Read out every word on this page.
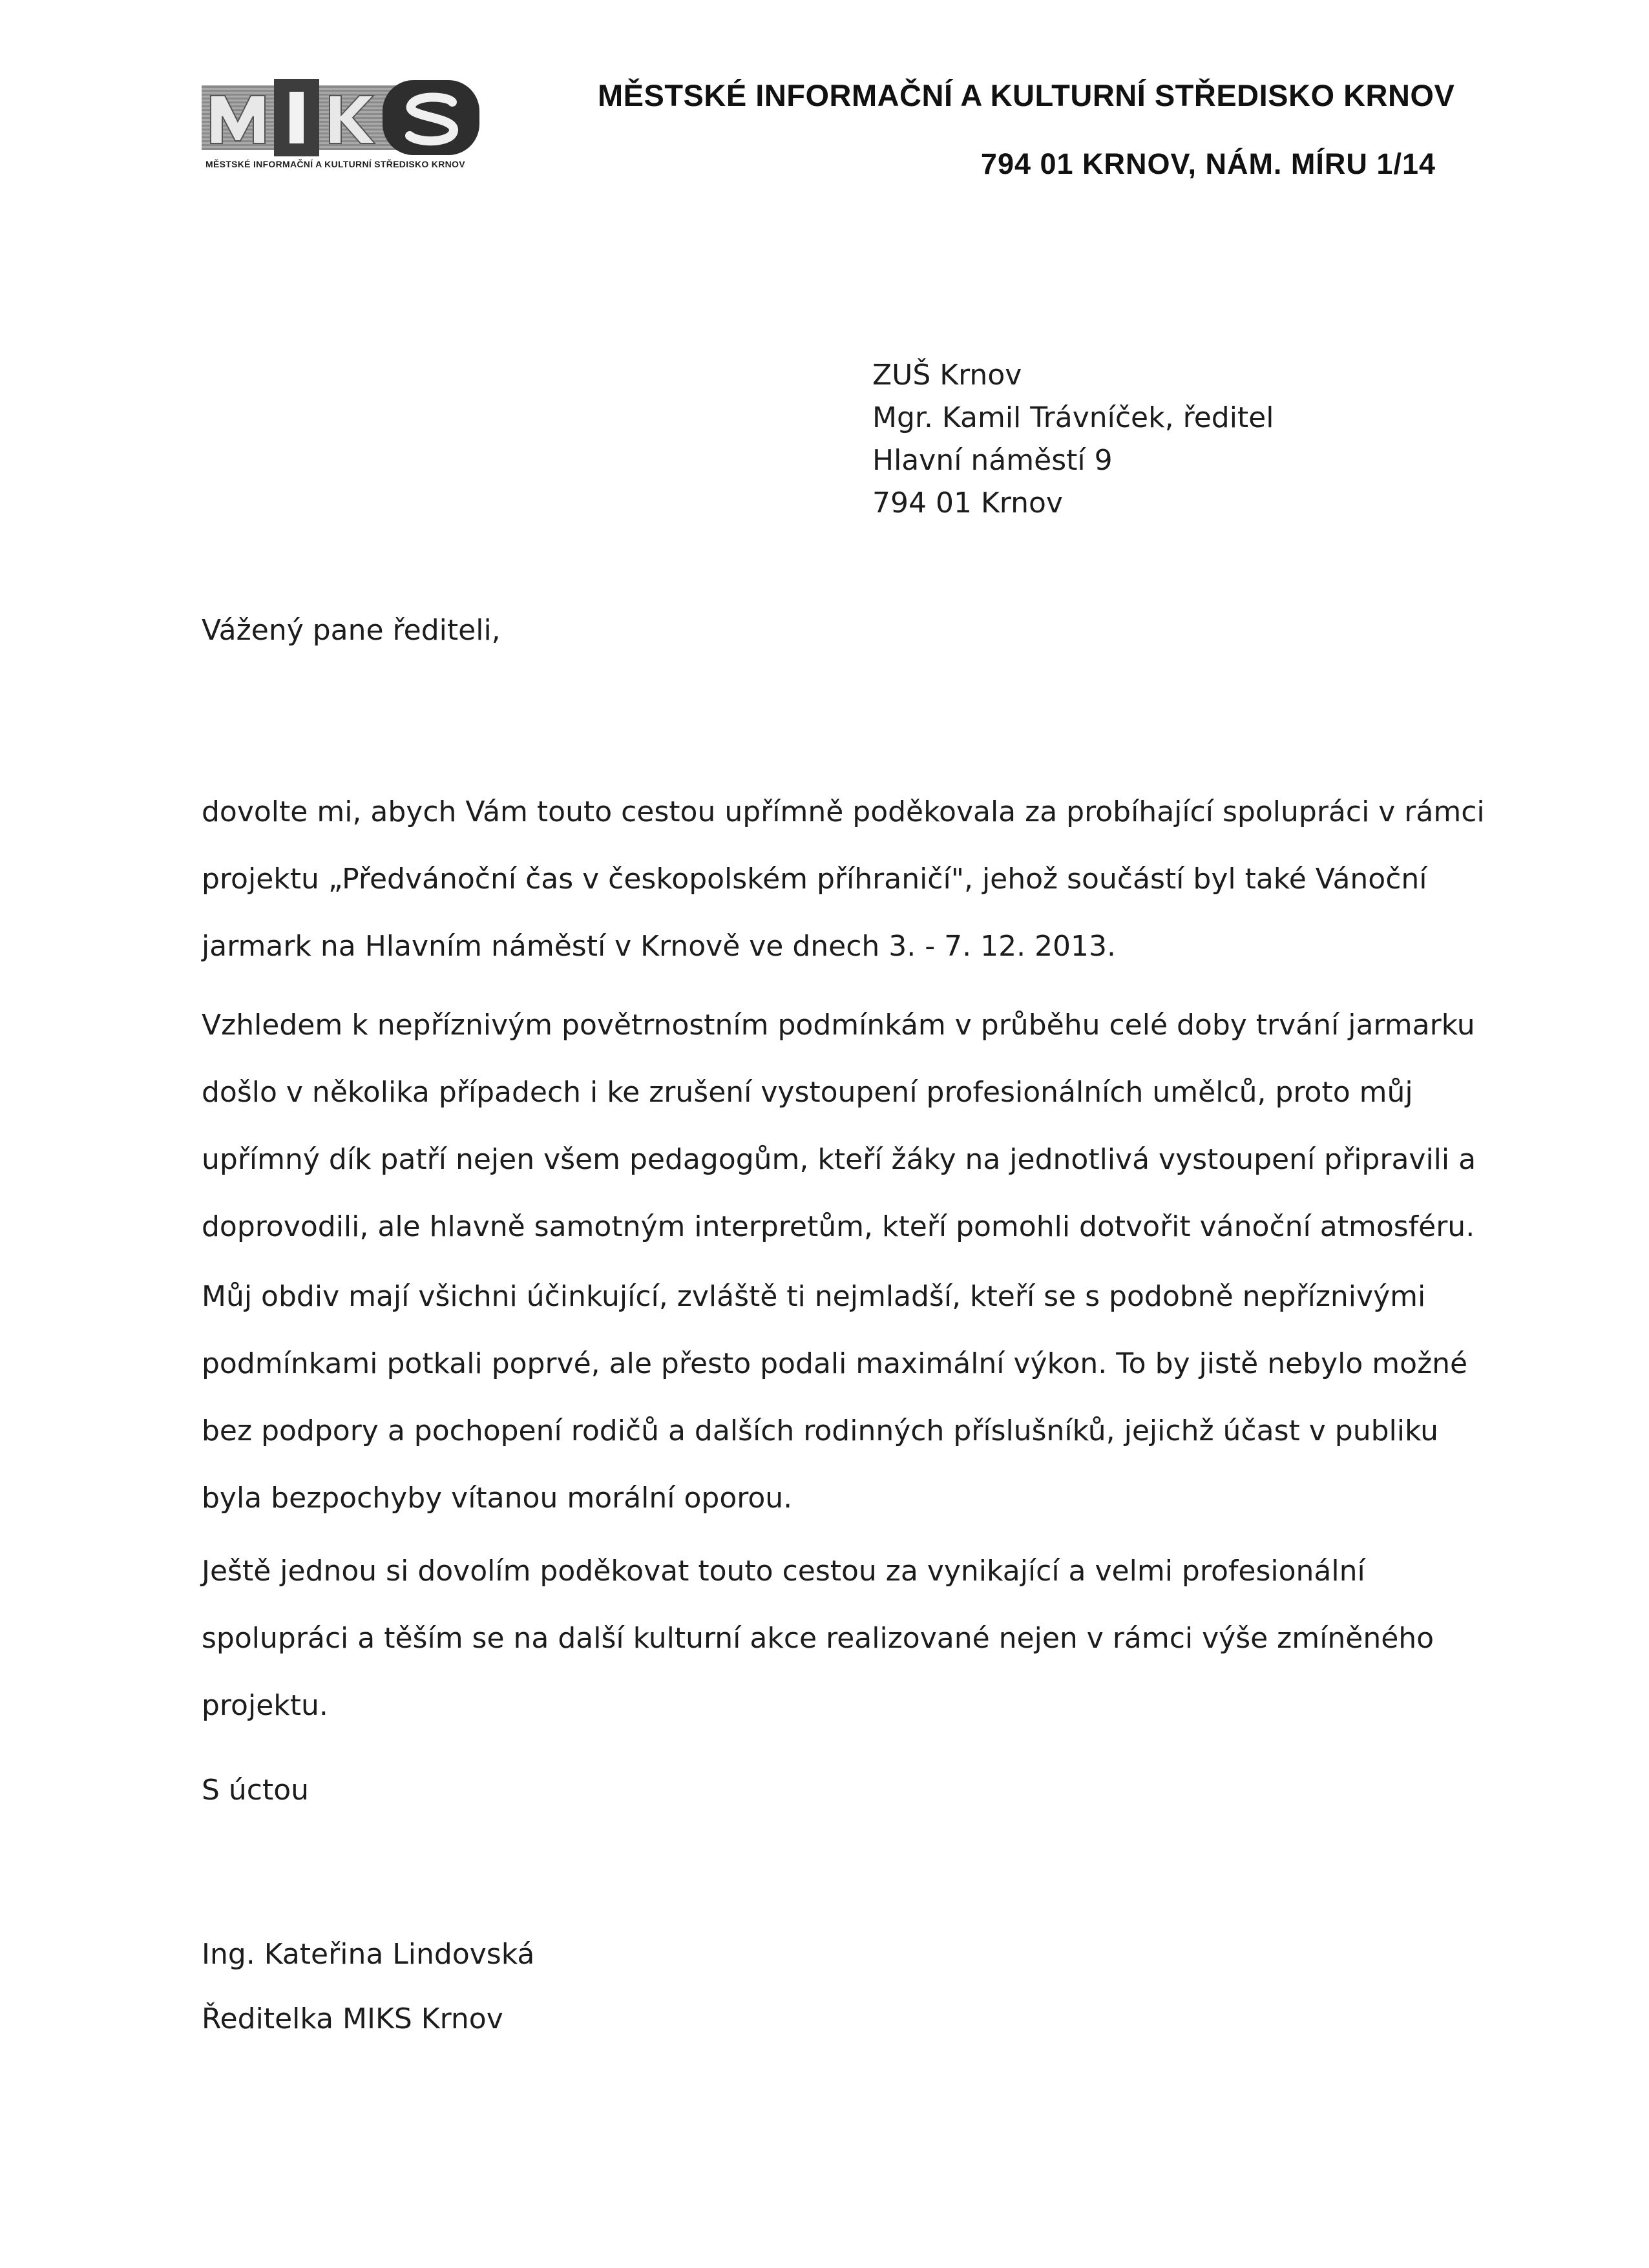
MĚSTSKÉ INFORMAČNÍ A KULTURNÍ STŘEDISKO KRNOV
MĚSTSKÉ INFORMAČNÍ A KULTURNÍ STŘEDISKO KRNOV
794 01 KRNOV, NÁM. MÍRU 1/14
ZUŠ Krnov
Mgr. Kamil Trávníček, ředitel
Hlavní náměstí 9
794 01 Krnov
Vážený pane řediteli,
dovolte mi, abych Vám touto cestou upřímně poděkovala za probíhající spolupráci v rámci
projektu „Předvánoční čas v českopolském příhraničí", jehož součástí byl také Vánoční
jarmark na Hlavním náměstí v Krnově ve dnech 3. - 7. 12. 2013.
Vzhledem k nepříznivým povětrnostním podmínkám v průběhu celé doby trvání jarmarku
došlo v několika případech i ke zrušení vystoupení profesionálních umělců, proto můj
upřímný dík patří nejen všem pedagogům, kteří žáky na jednotlivá vystoupení připravili a
doprovodili, ale hlavně samotným interpretům, kteří pomohli dotvořit vánoční atmosféru.
Můj obdiv mají všichni účinkující, zvláště ti nejmladší, kteří se s podobně nepříznivými
podmínkami potkali poprvé, ale přesto podali maximální výkon. To by jistě nebylo možné
bez podpory a pochopení rodičů a dalších rodinných příslušníků, jejichž účast v publiku
byla bezpochyby vítanou morální oporou.
Ještě jednou si dovolím poděkovat touto cestou za vynikající a velmi profesionální
spolupráci a těším se na další kulturní akce realizované nejen v rámci výše zmíněného
projektu.
S úctou
Ing. Kateřina Lindovská
Ředitelka MIKS Krnov
